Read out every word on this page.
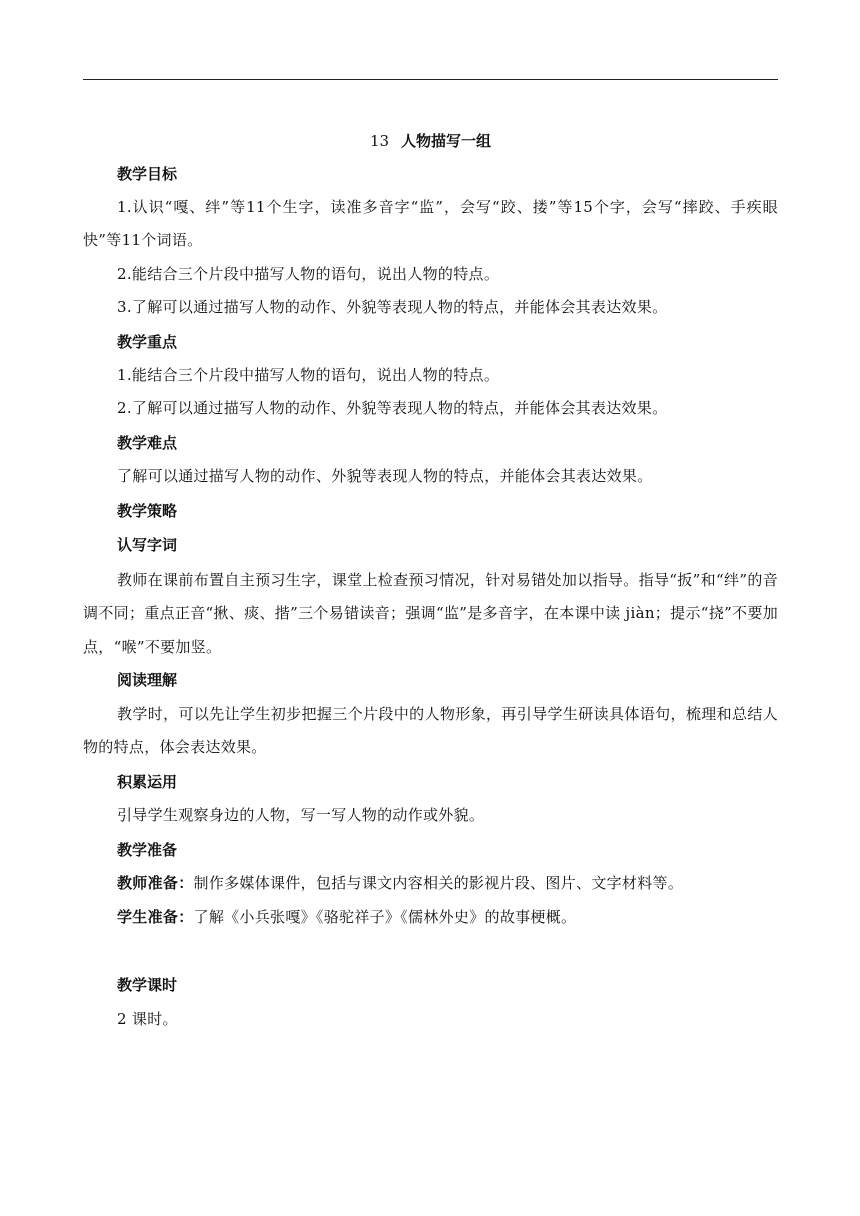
13 人物描写一组
教学目标
1.认识“嘎、绊”等11个生字，读准多音字“监”，会写“跤、搂”等15个字，会写“摔跤、手疾眼快”等11个词语。
2.能结合三个片段中描写人物的语句，说出人物的特点。
3.了解可以通过描写人物的动作、外貌等表现人物的特点，并能体会其表达效果。
教学重点
1.能结合三个片段中描写人物的语句，说出人物的特点。
2.了解可以通过描写人物的动作、外貌等表现人物的特点，并能体会其表达效果。
教学难点
了解可以通过描写人物的动作、外貌等表现人物的特点，并能体会其表达效果。
教学策略
认写字词
教师在课前布置自主预习生字，课堂上检查预习情况，针对易错处加以指导。指导“扳”和“绊”的音调不同；重点正音“揪、痰、揩”三个易错读音；强调“监”是多音字，在本课中读 jiàn；提示“挠”不要加点，“喉”不要加竖。
阅读理解
教学时，可以先让学生初步把握三个片段中的人物形象，再引导学生研读具体语句，梳理和总结人物的特点，体会表达效果。
积累运用
引导学生观察身边的人物，写一写人物的动作或外貌。
教学准备
教师准备：制作多媒体课件，包括与课文内容相关的影视片段、图片、文字材料等。
学生准备：了解《小兵张嘎》《骆驼祥子》《儒林外史》的故事梗概。
教学课时
2 课时。
